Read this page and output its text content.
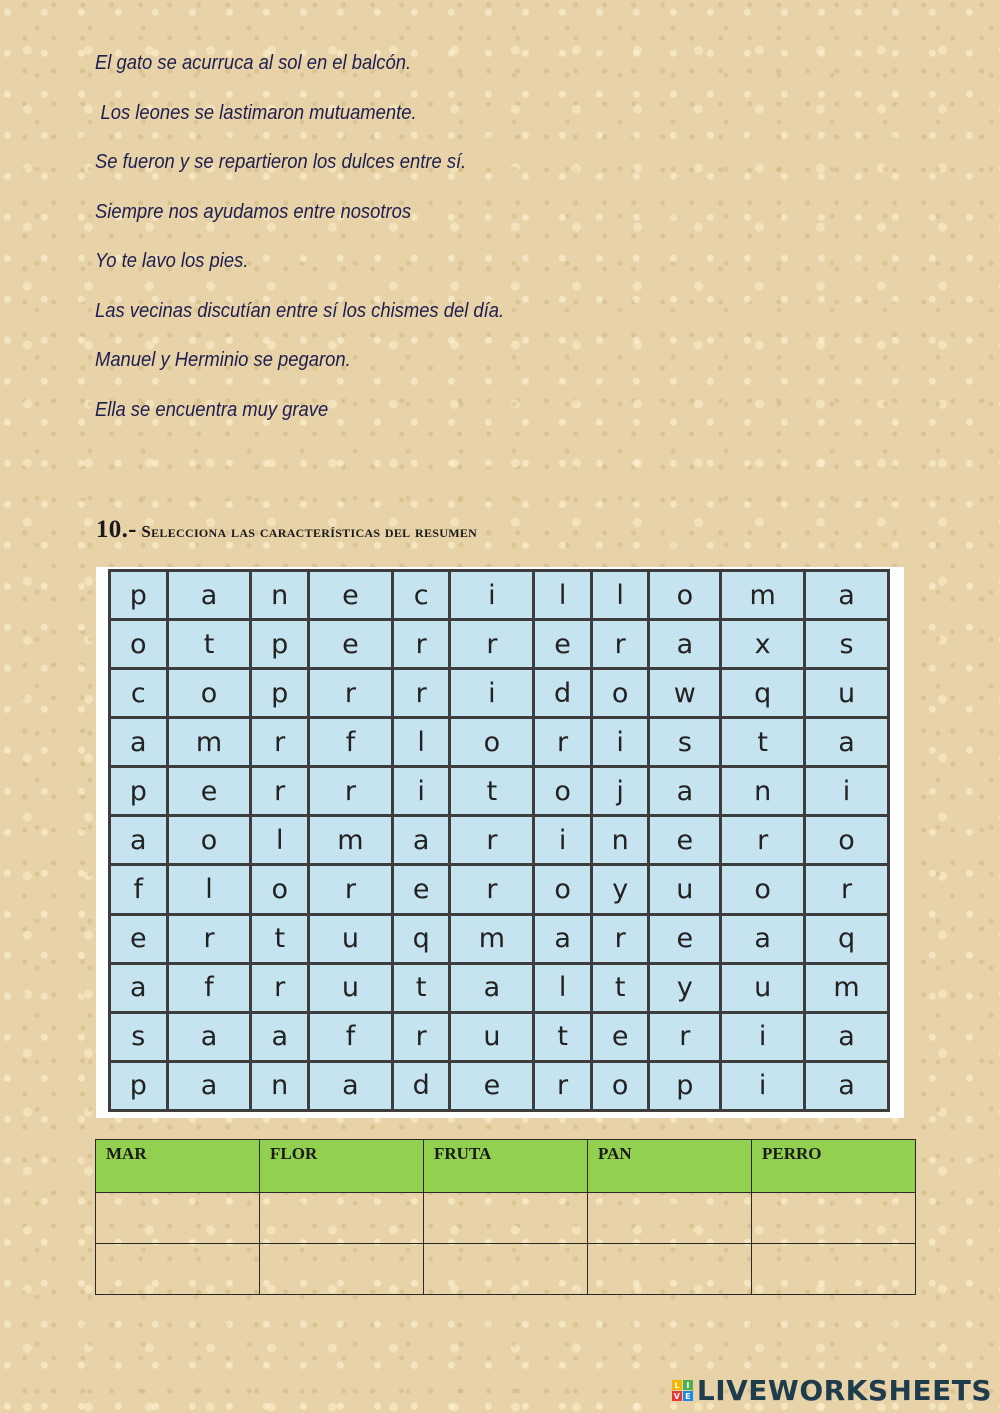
El gato se acurruca al sol en el balcón.
Los leones se lastimaron mutuamente.
Se fueron y se repartieron los dulces entre sí.
Siempre nos ayudamos entre nosotros
Yo te lavo los pies.
Las vecinas discutían entre sí los chismes del día.
Manuel y Herminio se pegaron.
Ella se encuentra muy grave
10.- Selecciona las características del resumen
p	a	n	e	c	i	l	l	o	m	a
o	t	p	e	r	r	e	r	a	x	s
c	o	p	r	r	i	d	o	w	q	u
a	m	r	f	l	o	r	i	s	t	a
p	e	r	r	i	t	o	j	a	n	i
a	o	l	m	a	r	i	n	e	r	o
f	l	o	r	e	r	o	y	u	o	r
e	r	t	u	q	m	a	r	e	a	q
a	f	r	u	t	a	l	t	y	u	m
s	a	a	f	r	u	t	e	r	i	a
p	a	n	a	d	e	r	o	p	i	a
MAR	FLOR	FRUTA	PAN	PERRO

L I
V E LIVEWORKSHEETS
